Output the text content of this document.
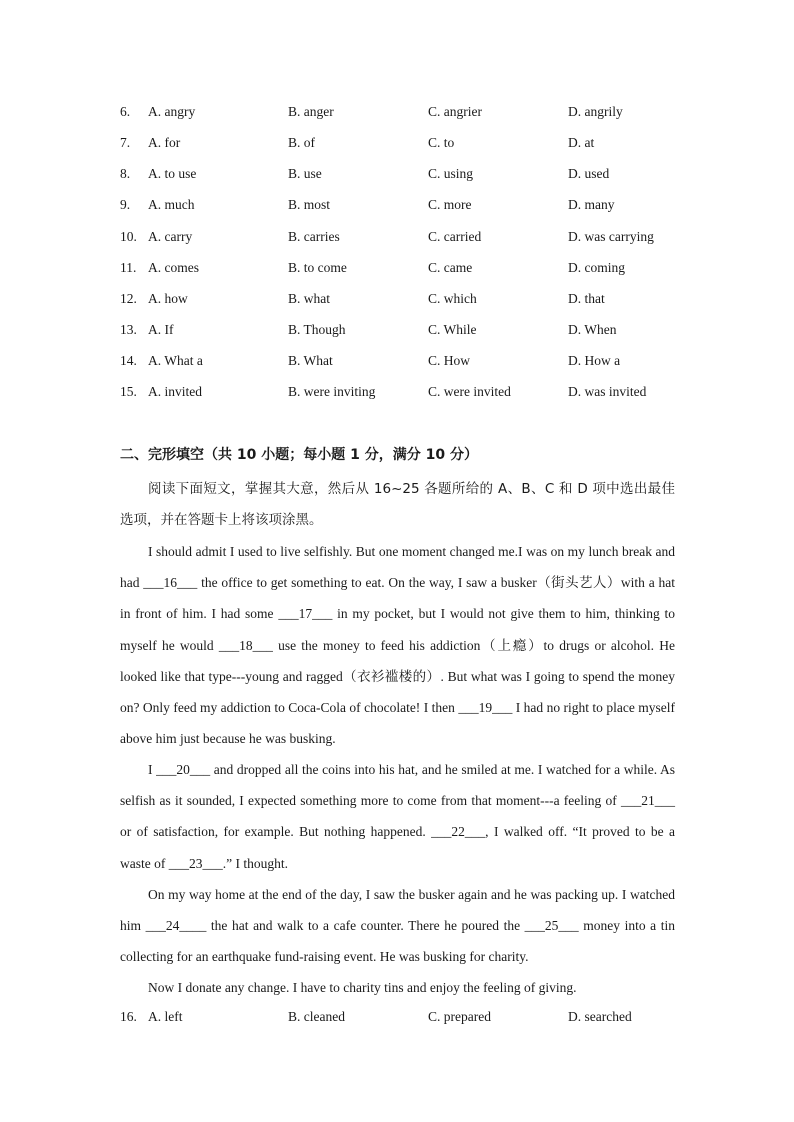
6. A. angry	B. anger	C. angrier	D. angrily
7. A. for	B. of	C. to	D. at
8. A. to use	B. use	C. using	D. used
9. A. much	B. most	C. more	D. many
10. A. carry	B. carries	C. carried	D. was carrying
11. A. comes	B. to come	C. came	D. coming
12. A. how	B. what	C. which	D. that
13. A. If	B. Though	C. While	D. When
14. A. What a	B. What	C. How	D. How a
15. A. invited	B. were inviting	C. were invited	D. was invited
二、完形填空（共 10 小题；每小题 1 分，满分 10 分）

阅读下面短文，掌握其大意，然后从 16~25 各题所给的 A、B、C 和 D 项中选出最佳选项，并在答题卡上将该项涂黑。

I should admit I used to live selfishly. But one moment changed me.I was on my lunch break and had ___16___ the office to get something to eat. On the way, I saw a busker（街头艺人）with a hat in front of him. I had some ___17___ in my pocket, but I would not give them to him, thinking to myself he would ___18___ use the money to feed his addiction（上瘾）to drugs or alcohol. He looked like that type---young and ragged（衣衫褴楼的）. But what was I going to spend the money on? Only feed my addiction to Coca-Cola of chocolate! I then ___19___ I had no right to place myself above him just because he was busking.

I ___20___ and dropped all the coins into his hat, and he smiled at me. I watched for a while. As selfish as it sounded, I expected something more to come from that moment---a feeling of ___21___ or of satisfaction, for example. But nothing happened. ___22___, I walked off. “It proved to be a waste of ___23___.” I thought.

On my way home at the end of the day, I saw the busker again and he was packing up. I watched him ___24____ the hat and walk to a cafe counter. There he poured the ___25___ money into a tin collecting for an earthquake fund-raising event. He was busking for charity.

Now I donate any change. I have to charity tins and enjoy the feeling of giving.

16. A. left	B. cleaned	C. prepared	D. searched
